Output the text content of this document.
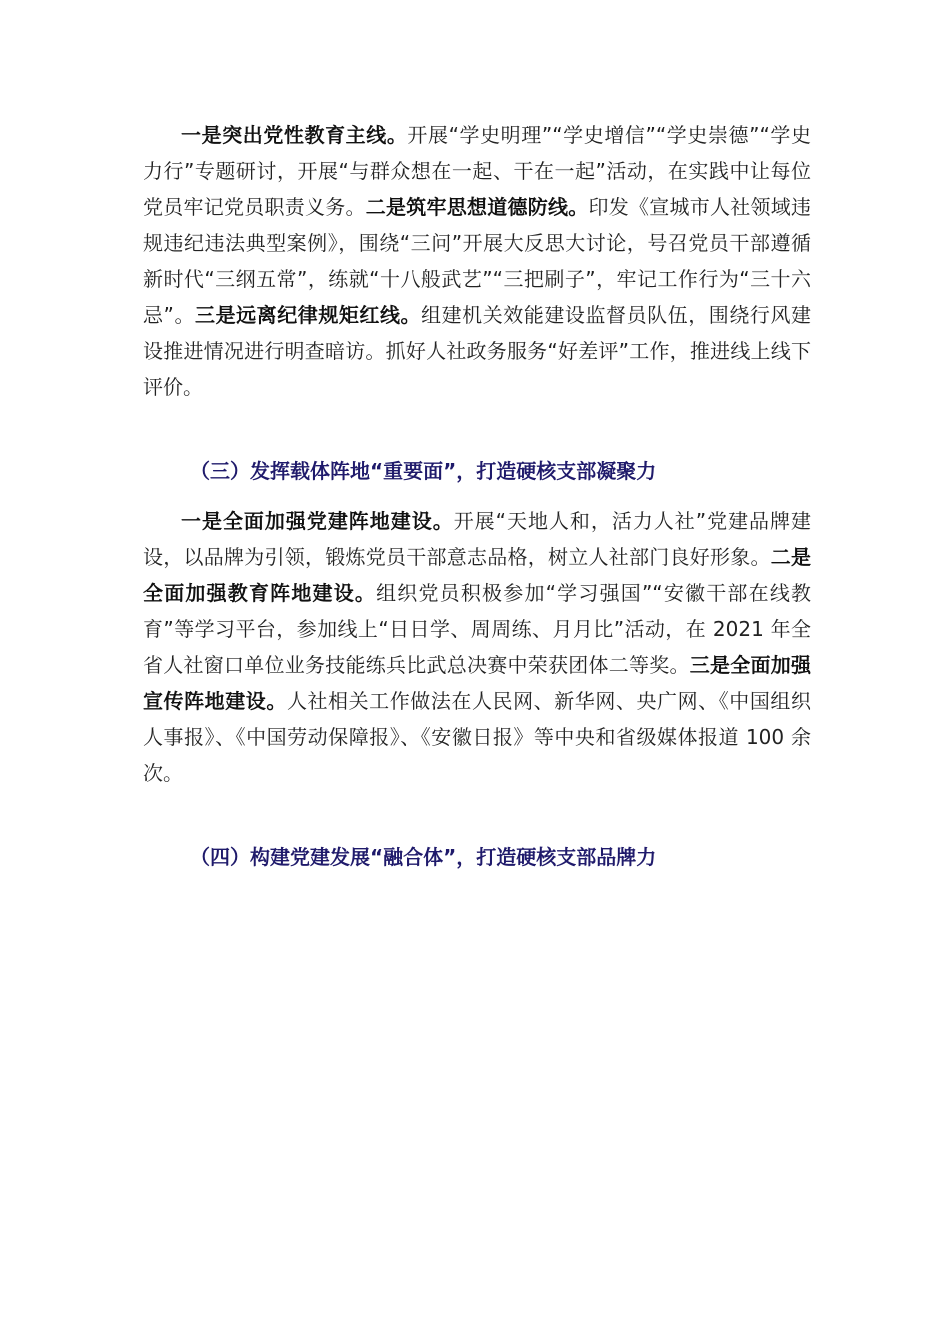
一是突出党性教育主线。开展“学史明理”“学史增信”“学史崇德”“学史力行”专题研讨，开展“与群众想在一起、干在一起”活动，在实践中让每位党员牢记党员职责义务。二是筑牢思想道德防线。印发《宣城市人社领域违规违纪违法典型案例》，围绕“三问”开展大反思大讨论，号召党员干部遵循新时代“三纲五常”，练就“十八般武艺”“三把刷子”，牢记工作行为“三十六忌”。三是远离纪律规矩红线。组建机关效能建设监督员队伍，围绕行风建设推进情况进行明查暗访。抓好人社政务服务“好差评”工作，推进线上线下评价。

（三）发挥载体阵地“重要面”，打造硬核支部凝聚力

一是全面加强党建阵地建设。开展“天地人和，活力人社”党建品牌建设，以品牌为引领，锻炼党员干部意志品格，树立人社部门良好形象。二是全面加强教育阵地建设。组织党员积极参加“学习强国”“安徽干部在线教育”等学习平台，参加线上“日日学、周周练、月月比”活动，在 2021 年全省人社窗口单位业务技能练兵比武总决赛中荣获团体二等奖。三是全面加强宣传阵地建设。人社相关工作做法在人民网、新华网、央广网、《中国组织人事报》、《中国劳动保障报》、《安徽日报》等中央和省级媒体报道 100 余次。

（四）构建党建发展“融合体”，打造硬核支部品牌力
